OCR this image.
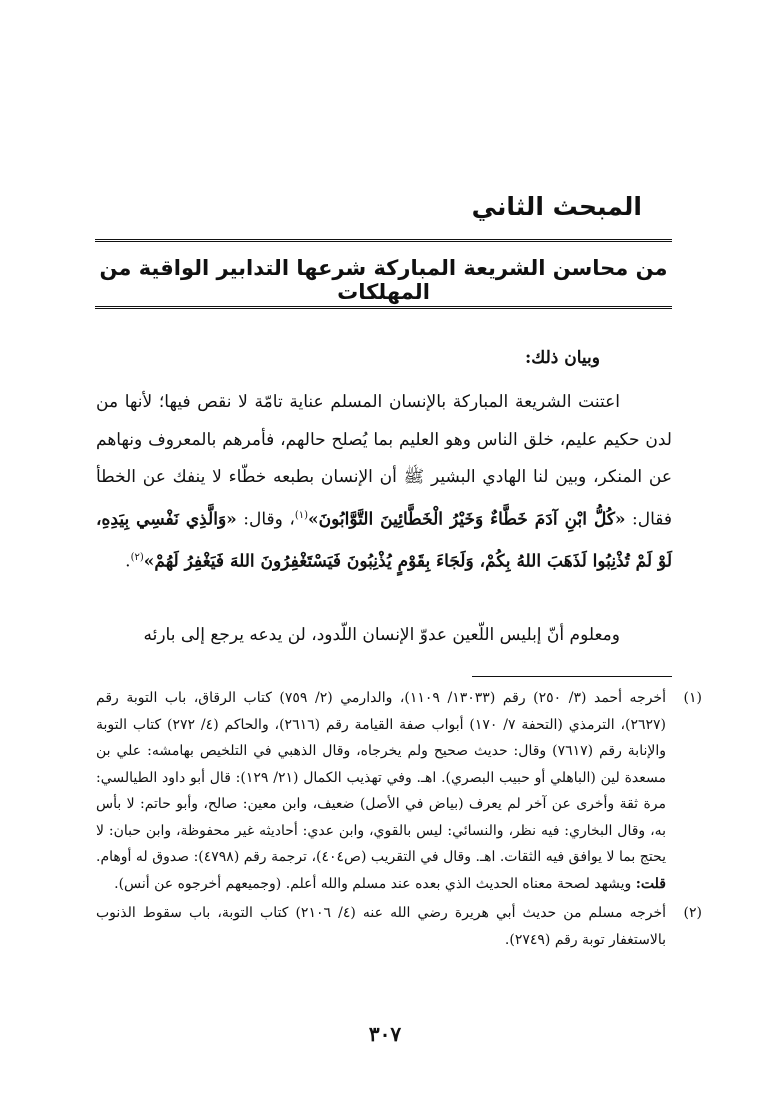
المبحث الثاني
من محاسن الشريعة المباركة شرعها التدابير الواقية من المهلكات

وبيان ذلك:

اعتنت الشريعة المباركة بالإنسان المسلم عناية تامّة لا نقص فيها؛ لأنها من لدن حكيم عليم، خلق الناس وهو العليم بما يُصلح حالهم، فأمرهم بالمعروف ونهاهم عن المنكر، وبين لنا الهادي البشير ﷺ أن الإنسان بطبعه خطّاء لا ينفك عن الخطأ فقال: «كُلُّ ابْنِ آدَمَ خَطَّاءٌ وَخَيْرُ الْخَطَّائِينَ التَّوَّابُونَ»$^{(١)}$، وقال: «وَالَّذِي نَفْسِي بِيَدِهِ، لَوْ لَمْ تُذْنِبُوا لَذَهَبَ اللهُ بِكُمْ، وَلَجَاءَ بِقَوْمٍ يُذْنِبُونَ فَيَسْتَغْفِرُونَ اللهَ فَيَغْفِرُ لَهُمْ»$^{(٢)}$.

ومعلوم أنّ إبليس اللّعين عدوّ الإنسان اللّدود، لن يدعه يرجع إلى بارئه

(١)أخرجه أحمد (٣/ ٢٥٠) رقم (١٣٠٣٣/ ١١٠٩)، والدارمي (٢/ ٧٥٩) كتاب الرقاق، باب التوبة رقم (٢٦٢٧)، الترمذي (التحفة ٧/ ١٧٠) أبواب صفة القيامة رقم (٢٦١٦)، والحاكم (٤/ ٢٧٢) كتاب التوبة والإنابة رقم (٧٦١٧) وقال: حديث صحيح ولم يخرجاه، وقال الذهبي في التلخيص بهامشه: علي بن مسعدة لين (الباهلي أو حبيب البصري). اهـ. وفي تهذيب الكمال (٢١/ ١٢٩): قال أبو داود الطيالسي: مرة ثقة وأخرى عن آخر لم يعرف (بياض في الأصل) ضعيف، وابن معين: صالح، وأبو حاتم: لا بأس به، وقال البخاري: فيه نظر، والنسائي: ليس بالقوي، وابن عدي: أحاديثه غير محفوظة، وابن حبان: لا يحتج بما لا يوافق فيه الثقات. اهـ. وقال في التقريب (ص٤٠٤)، ترجمة رقم (٤٧٩٨): صدوق له أوهام. قلت: ويشهد لصحة معناه الحديث الذي بعده عند مسلم والله أعلم. (وجميعهم أخرجوه عن أنس).
(٢)أخرجه مسلم من حديث أبي هريرة رضي الله عنه (٤/ ٢١٠٦) كتاب التوبة، باب سقوط الذنوب بالاستغفار توبة رقم (٢٧٤٩).

٣٠٧
